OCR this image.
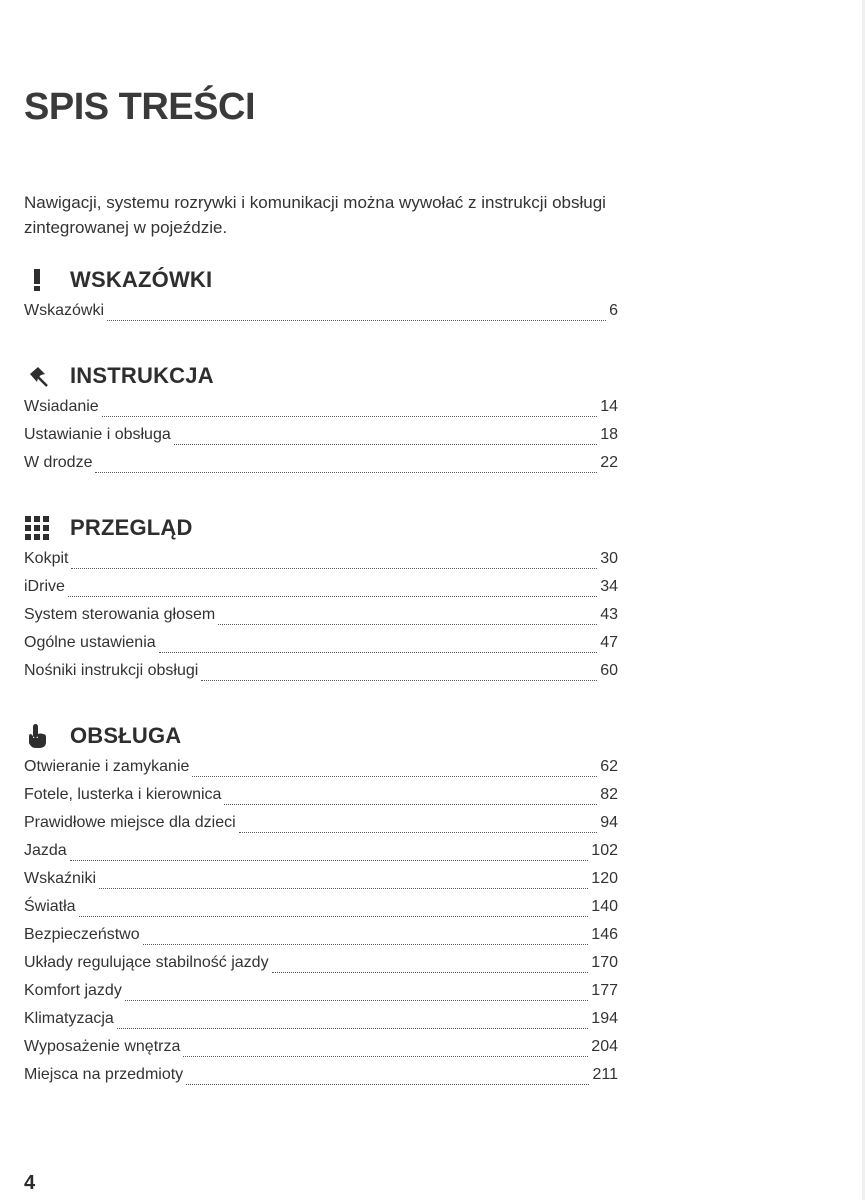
SPIS TREŚCI
Nawigacji, systemu rozrywki i komunikacji można wywołać z instrukcji obsługi zintegrowanej w pojeździe.
WSKAZÓWKI
Wskazówki	6
INSTRUKCJA
Wsiadanie	14
Ustawianie i obsługa	18
W drodze	22
PRZEGLĄD
Kokpit	30
iDrive	34
System sterowania głosem	43
Ogólne ustawienia	47
Nośniki instrukcji obsługi	60
OBSŁUGA
Otwieranie i zamykanie	62
Fotele, lusterka i kierownica	82
Prawidłowe miejsce dla dzieci	94
Jazda	102
Wskaźniki	120
Światła	140
Bezpieczeństwo	146
Układy regulujące stabilność jazdy	170
Komfort jazdy	177
Klimatyzacja	194
Wyposażenie wnętrza	204
Miejsca na przedmioty	211
4
